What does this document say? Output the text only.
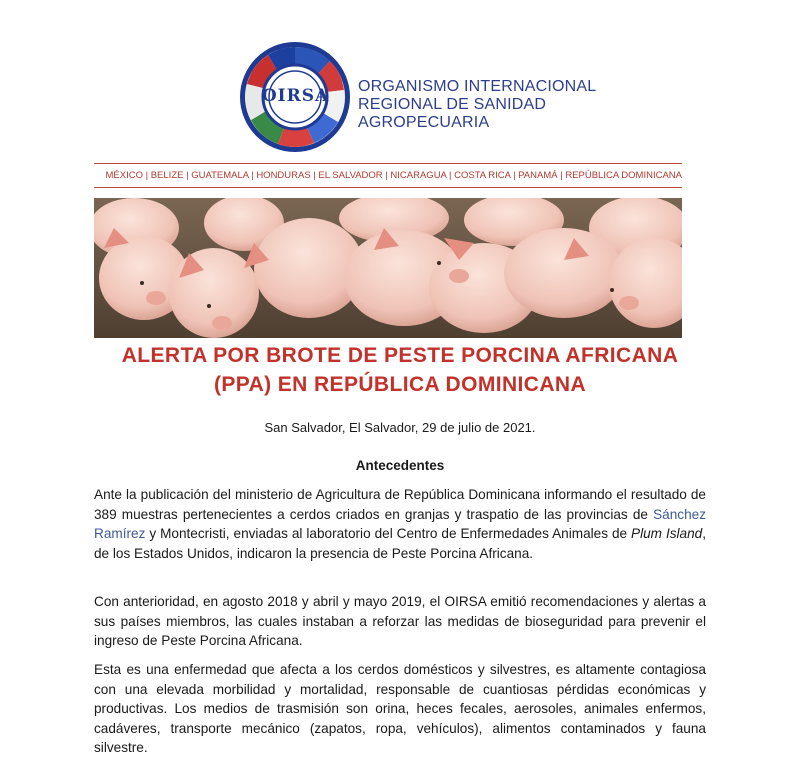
OIRSA	ORGANISMO INTERNACIONAL
REGIONAL DE SANIDAD
AGROPECUARIA
MÉXICO | BELIZE | GUATEMALA | HONDURAS | EL SALVADOR | NICARAGUA | COSTA RICA | PANAMÁ | REPÚBLICA DOMINICANA
ALERTA POR BROTE DE PESTE PORCINA AFRICANA
(PPA) EN REPÚBLICA DOMINICANA
San Salvador, El Salvador, 29 de julio de 2021.
Antecedentes

Ante la publicación del ministerio de Agricultura de República Dominicana informando el resultado de 389 muestras pertenecientes a cerdos criados en granjas y traspatio de las provincias de Sánchez Ramírez y Montecristi, enviadas al laboratorio del Centro de Enfermedades Animales de Plum Island, de los Estados Unidos, indicaron la presencia de Peste Porcina Africana.

Con anterioridad, en agosto 2018 y abril y mayo 2019, el OIRSA emitió recomendaciones y alertas a sus países miembros, las cuales instaban a reforzar las medidas de bioseguridad para prevenir el ingreso de Peste Porcina Africana.

Esta es una enfermedad que afecta a los cerdos domésticos y silvestres, es altamente contagiosa con una elevada morbilidad y mortalidad, responsable de cuantiosas pérdidas económicas y productivas. Los medios de trasmisión son orina, heces fecales, aerosoles, animales enfermos, cadáveres, transporte mecánico (zapatos, ropa, vehículos), alimentos contaminados y fauna silvestre.
